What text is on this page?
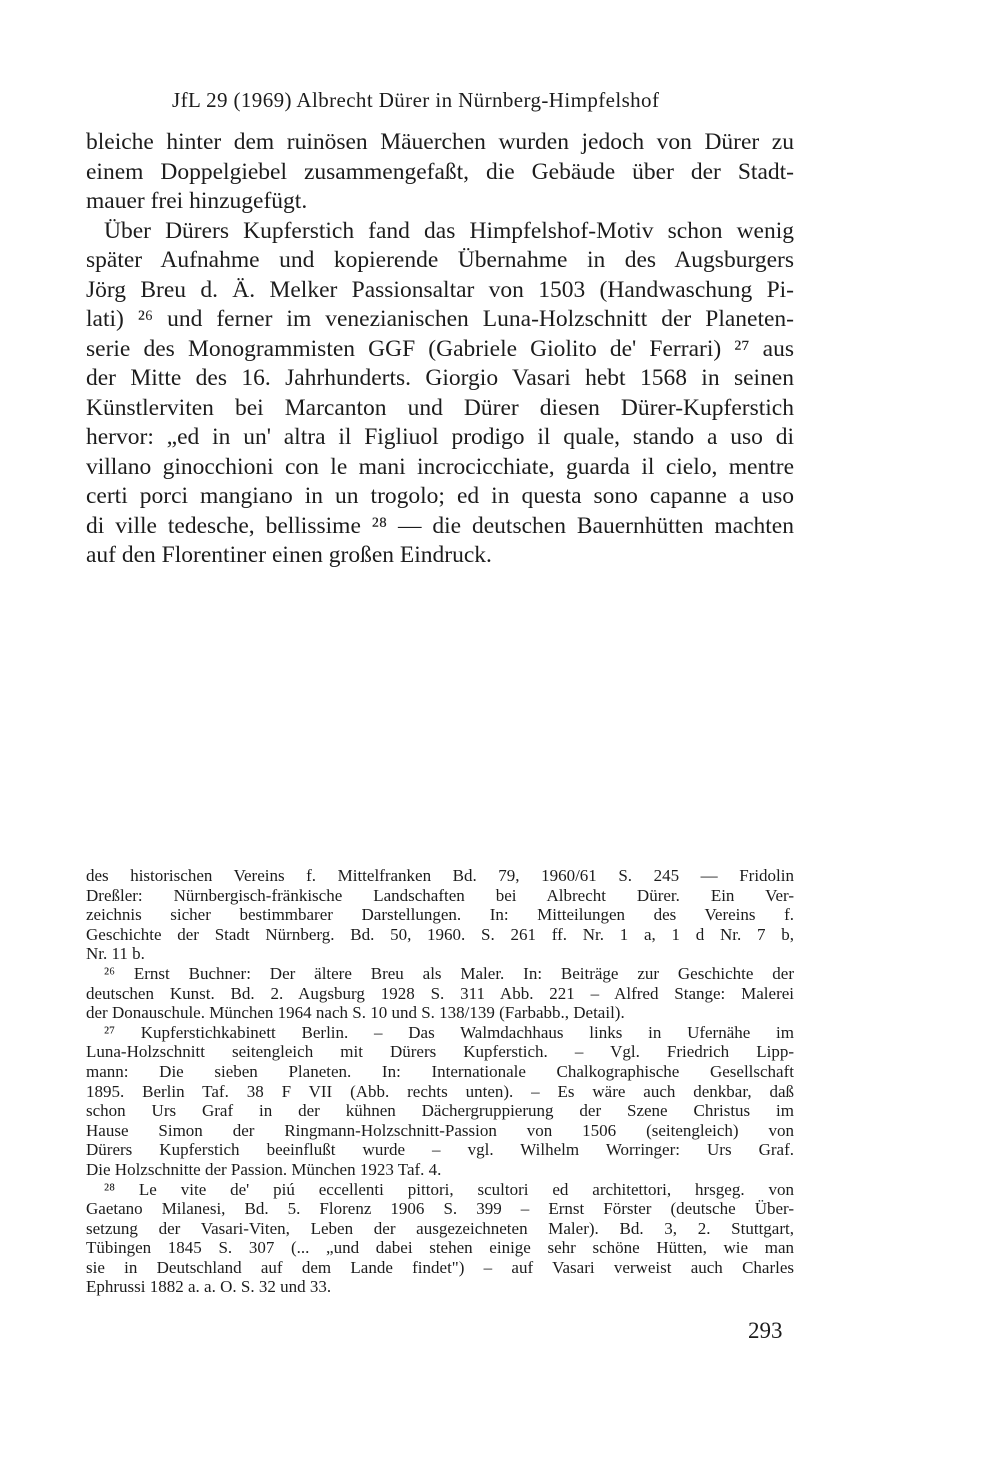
JfL 29 (1969) Albrecht Dürer in Nürnberg-Himpfelshof
bleiche hinter dem ruinösen Mäuerchen wurden jedoch von Dürer zu
einem Doppelgiebel zusammengefaßt, die Gebäude über der Stadt-
mauer frei hinzugefügt.
Über Dürers Kupferstich fand das Himpfelshof-Motiv schon wenig
später Aufnahme und kopierende Übernahme in des Augsburgers
Jörg Breu d. Ä. Melker Passionsaltar von 1503 (Handwaschung Pi-
lati) ²⁶ und ferner im venezianischen Luna-Holzschnitt der Planeten-
serie des Monogrammisten GGF (Gabriele Giolito de' Ferrari) ²⁷ aus
der Mitte des 16. Jahrhunderts. Giorgio Vasari hebt 1568 in seinen
Künstlerviten bei Marcanton und Dürer diesen Dürer-Kupferstich
hervor: „ed in un' altra il Figliuol prodigo il quale, stando a uso di
villano ginocchioni con le mani incrocicchiate, guarda il cielo, mentre
certi porci mangiano in un trogolo; ed in questa sono capanne a uso
di ville tedesche, bellissime ²⁸ — die deutschen Bauernhütten machten
auf den Florentiner einen großen Eindruck.
des historischen Vereins f. Mittelfranken Bd. 79, 1960/61 S. 245 — Fridolin
Dreßler: Nürnbergisch-fränkische Landschaften bei Albrecht Dürer. Ein Ver-
zeichnis sicher bestimmbarer Darstellungen. In: Mitteilungen des Vereins f.
Geschichte der Stadt Nürnberg. Bd. 50, 1960. S. 261 ff. Nr. 1 a, 1 d Nr. 7 b,
Nr. 11 b.
²⁶ Ernst Buchner: Der ältere Breu als Maler. In: Beiträge zur Geschichte der
deutschen Kunst. Bd. 2. Augsburg 1928 S. 311 Abb. 221 – Alfred Stange: Malerei
der Donauschule. München 1964 nach S. 10 und S. 138/139 (Farbabb., Detail).
²⁷ Kupferstichkabinett Berlin. – Das Walmdachhaus links in Ufernähe im
Luna-Holzschnitt seitengleich mit Dürers Kupferstich. – Vgl. Friedrich Lipp-
mann: Die sieben Planeten. In: Internationale Chalkographische Gesellschaft
1895. Berlin Taf. 38 F VII (Abb. rechts unten). – Es wäre auch denkbar, daß
schon Urs Graf in der kühnen Dächergruppierung der Szene Christus im
Hause Simon der Ringmann-Holzschnitt-Passion von 1506 (seitengleich) von
Dürers Kupferstich beeinflußt wurde – vgl. Wilhelm Worringer: Urs Graf.
Die Holzschnitte der Passion. München 1923 Taf. 4.
²⁸ Le vite de' piú eccellenti pittori, scultori ed architettori, hrsgeg. von
Gaetano Milanesi, Bd. 5. Florenz 1906 S. 399 – Ernst Förster (deutsche Über-
setzung der Vasari-Viten, Leben der ausgezeichneten Maler). Bd. 3, 2. Stuttgart,
Tübingen 1845 S. 307 (... „und dabei stehen einige sehr schöne Hütten, wie man
sie in Deutschland auf dem Lande findet") – auf Vasari verweist auch Charles
Ephrussi 1882 a. a. O. S. 32 und 33.
293
